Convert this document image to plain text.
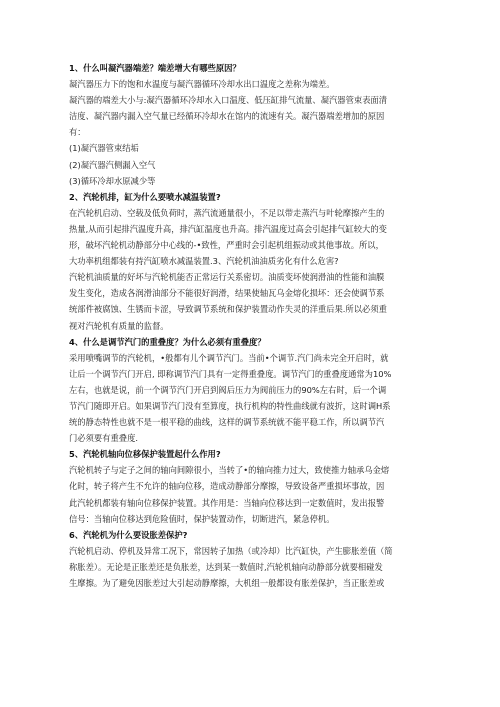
1、什么叫凝汽器端差？端差增大有哪些原因？
凝汽器压力下的饱和水温度与凝汽器循环冷却水出口温度之差称为端差。
凝汽器的端差大小与:凝汽器循环冷却水入口温度、低压缸排气流量、凝汽器管束表面清
洁度、凝汽器内漏入空气量已经循环冷却水在馆内的流速有关。凝汽器端差增加的原因
有：
(1)凝汽器管束结垢
(2)凝汽器汽侧漏入空气
(3)循环冷却水原减少等
2、汽轮机排，缸为什么要喷水减温装置?
在汽轮机启动、空载及低负荷时，蒸汽流通量很小，不足以带走蒸汽与叶轮摩擦产生的
热量,从而引起排汽温度升高，排汽缸温度也升高。排汽温度过高会引起排气缸较大的变
形，破坏汽轮机动静部分中心线的-•致性，严重时会引起机组振动或其他事故。所以，
大功率机组都装有持汽缸喷水减温装置.3、汽轮机油油质劣化有什么危害?
汽轮机油质量的好坏与汽轮机能否正常运行关系密切。油质变坏使润滑油的性能和油膜
发生变化，造成各润滑油部分不能很好润滑，结果使轴瓦乌金熔化损坏：还会使调节系
统部件被腐蚀、生锈而卡涩，导致调节系统和保护装置动作失灵的洋重后果.所以必须重
视对汽轮机有质量的监督。
4、什么是调节汽门的重叠度？为什么必须有重叠度？
采用喷嘴调节的汽轮机，•般都有儿个调节汽门。当前•个调节.汽门尚未完全开启时，就
让后一个调节汽门开启, 即称调节汽门具有一定得重叠度。调节汽门的重叠度通常为10%
左右，也就是说，前一个调节汽门开启到阀后压力为阀前压力的90%左右时，后一个调
节汽门随即开启。如果调节汽门没有至算度，执行机构的特性曲线就有波折，这时调H系
统的静态特性也就不是一根平稳的曲线，这样的调节系统就不能平稳工作，所以调节汽
门必须要有重叠度.
5、汽轮机轴向位移保护装置起什么作用?
汽轮机转子与定子之间的轴向间隙很小，当转了•的轴向推力过大，致使推力轴承乌金熔
化时，转子将产生不允许的轴向位移，造成动静部分摩擦，导致设备严重损坏事故，因
此汽轮机都装有轴向位移保护装置。其作用是：当轴向位移达到一定数值时，发出报警
信号：当轴向位移达到危险值时，保护装置动作，切断进汽，紧急停机。
6、汽轮机为什么要设胀差保护?
汽轮机启动、停机及异常工况下，常因转子加热（或冷却）比汽缸快，产生膨胀差值（简
称胀差）。无论是正胀差还是负胀差，达到某一数值时,汽轮机轴向动静部分就要相碰发
生摩擦。为了避免因胀差过大引起动静摩擦，大机组一般都设有胀差保护，当正胀差或
